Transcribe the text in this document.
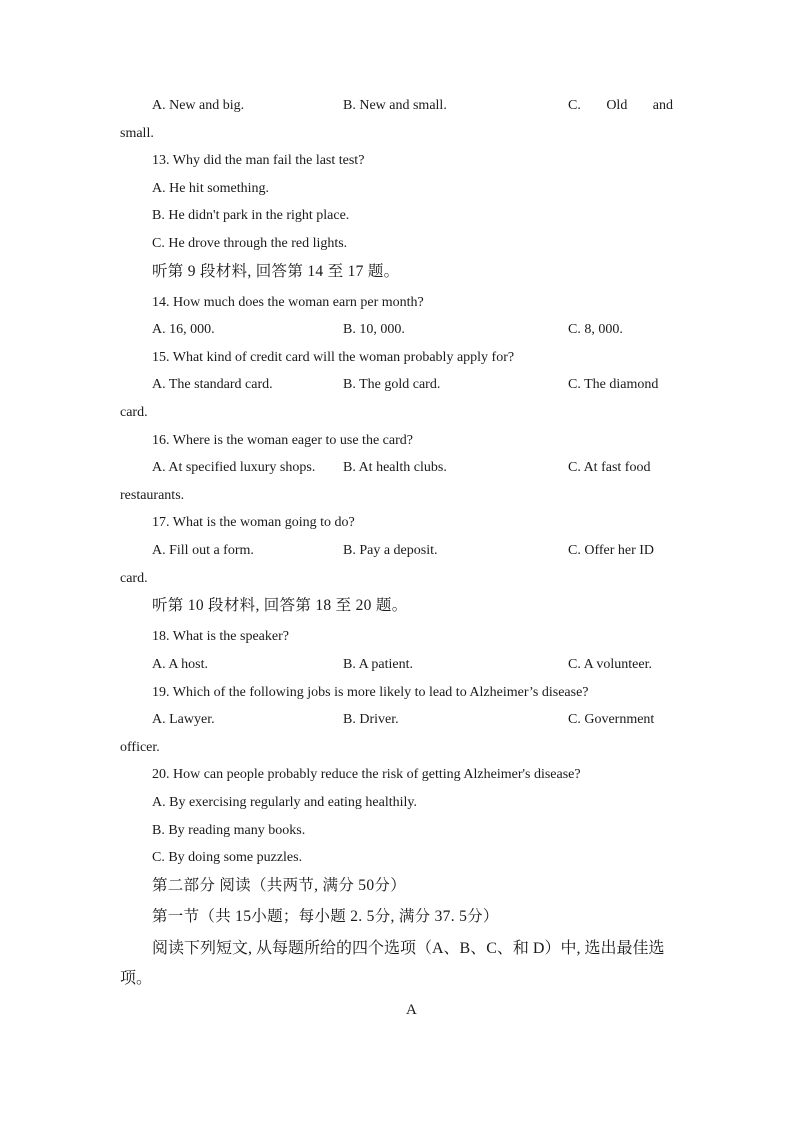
A. New and big.	B. New and small.	C. Old and
small.
13. Why did the man fail the last test?
A. He hit something.
B. He didn't park in the right place.
C. He drove through the red lights.
听第 9 段材料, 回答第 14 至 17 题。
14. How much does the woman earn per month?
A. 16, 000.	B. 10, 000.	C. 8, 000.
15. What kind of credit card will the woman probably apply for?
A. The standard card.	B. The gold card.	C. The diamond
card.
16. Where is the woman eager to use the card?
A. At specified luxury shops. B. At health clubs.	C. At fast food
restaurants.
17. What is the woman going to do?
A. Fill out a form.	B. Pay a deposit.	C. Offer her ID
card.
听第 10 段材料, 回答第 18 至 20 题。
18. What is the speaker?
A. A host.	B. A patient.	C. A volunteer.
19. Which of the following jobs is more likely to lead to Alzheimer’s disease?
A. Lawyer.	B. Driver.	C. Government
officer.
20. How can people probably reduce the risk of getting Alzheimer's disease?
A. By exercising regularly and eating healthily.
B. By reading many books.
C. By doing some puzzles.
第二部分 阅读（共两节, 满分 50分）
第一节（共 15小题；每小题 2. 5分, 满分 37. 5分）
阅读下列短文, 从每题所给的四个选项（A、B、C、和 D）中, 选出最佳选
项。
A
